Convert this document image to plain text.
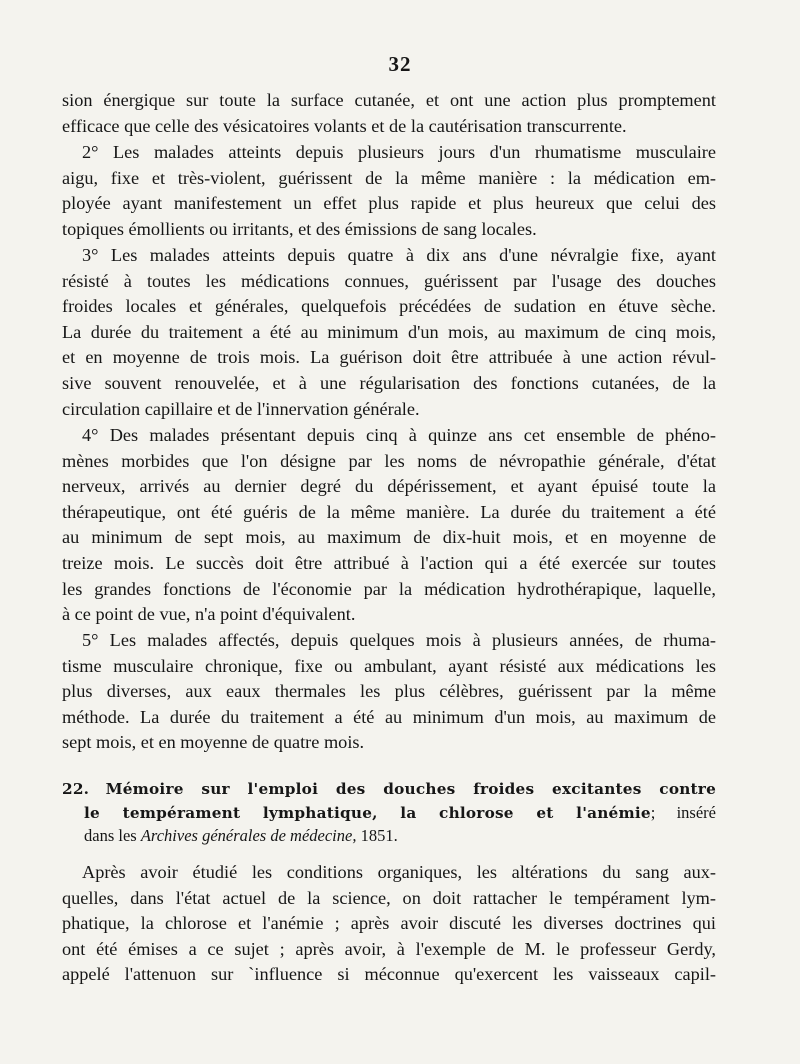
32
sion énergique sur toute la surface cutanée, et ont une action plus promptement
efficace que celle des vésicatoires volants et de la cautérisation transcurrente.
2° Les malades atteints depuis plusieurs jours d'un rhumatisme musculaire
aigu, fixe et très-violent, guérissent de la même manière : la médication em-
ployée ayant manifestement un effet plus rapide et plus heureux que celui des
topiques émollients ou irritants, et des émissions de sang locales.
3° Les malades atteints depuis quatre à dix ans d'une névralgie fixe, ayant
résisté à toutes les médications connues, guérissent par l'usage des douches
froides locales et générales, quelquefois précédées de sudation en étuve sèche.
La durée du traitement a été au minimum d'un mois, au maximum de cinq mois,
et en moyenne de trois mois. La guérison doit être attribuée à une action révul-
sive souvent renouvelée, et à une régularisation des fonctions cutanées, de la
circulation capillaire et de l'innervation générale.
4° Des malades présentant depuis cinq à quinze ans cet ensemble de phéno-
mènes morbides que l'on désigne par les noms de névropathie générale, d'état
nerveux, arrivés au dernier degré du dépérissement, et ayant épuisé toute la
thérapeutique, ont été guéris de la même manière. La durée du traitement a été
au minimum de sept mois, au maximum de dix-huit mois, et en moyenne de
treize mois. Le succès doit être attribué à l'action qui a été exercée sur toutes
les grandes fonctions de l'économie par la médication hydrothérapique, laquelle,
à ce point de vue, n'a point d'équivalent.
5° Les malades affectés, depuis quelques mois à plusieurs années, de rhuma-
tisme musculaire chronique, fixe ou ambulant, ayant résisté aux médications les
plus diverses, aux eaux thermales les plus célèbres, guérissent par la même
méthode. La durée du traitement a été au minimum d'un mois, au maximum de
sept mois, et en moyenne de quatre mois.
22. Mémoire sur l'emploi des douches froides excitantes contre
le tempérament lymphatique, la chlorose et l'anémie; inséré
dans les Archives générales de médecine, 1851.
Après avoir étudié les conditions organiques, les altérations du sang aux-
quelles, dans l'état actuel de la science, on doit rattacher le tempérament lym-
phatique, la chlorose et l'anémie ; après avoir discuté les diverses doctrines qui
ont été émises a ce sujet ; après avoir, à l'exemple de M. le professeur Gerdy,
appelé l'attenuon sur `influence si méconnue qu'exercent les vaisseaux capil-
